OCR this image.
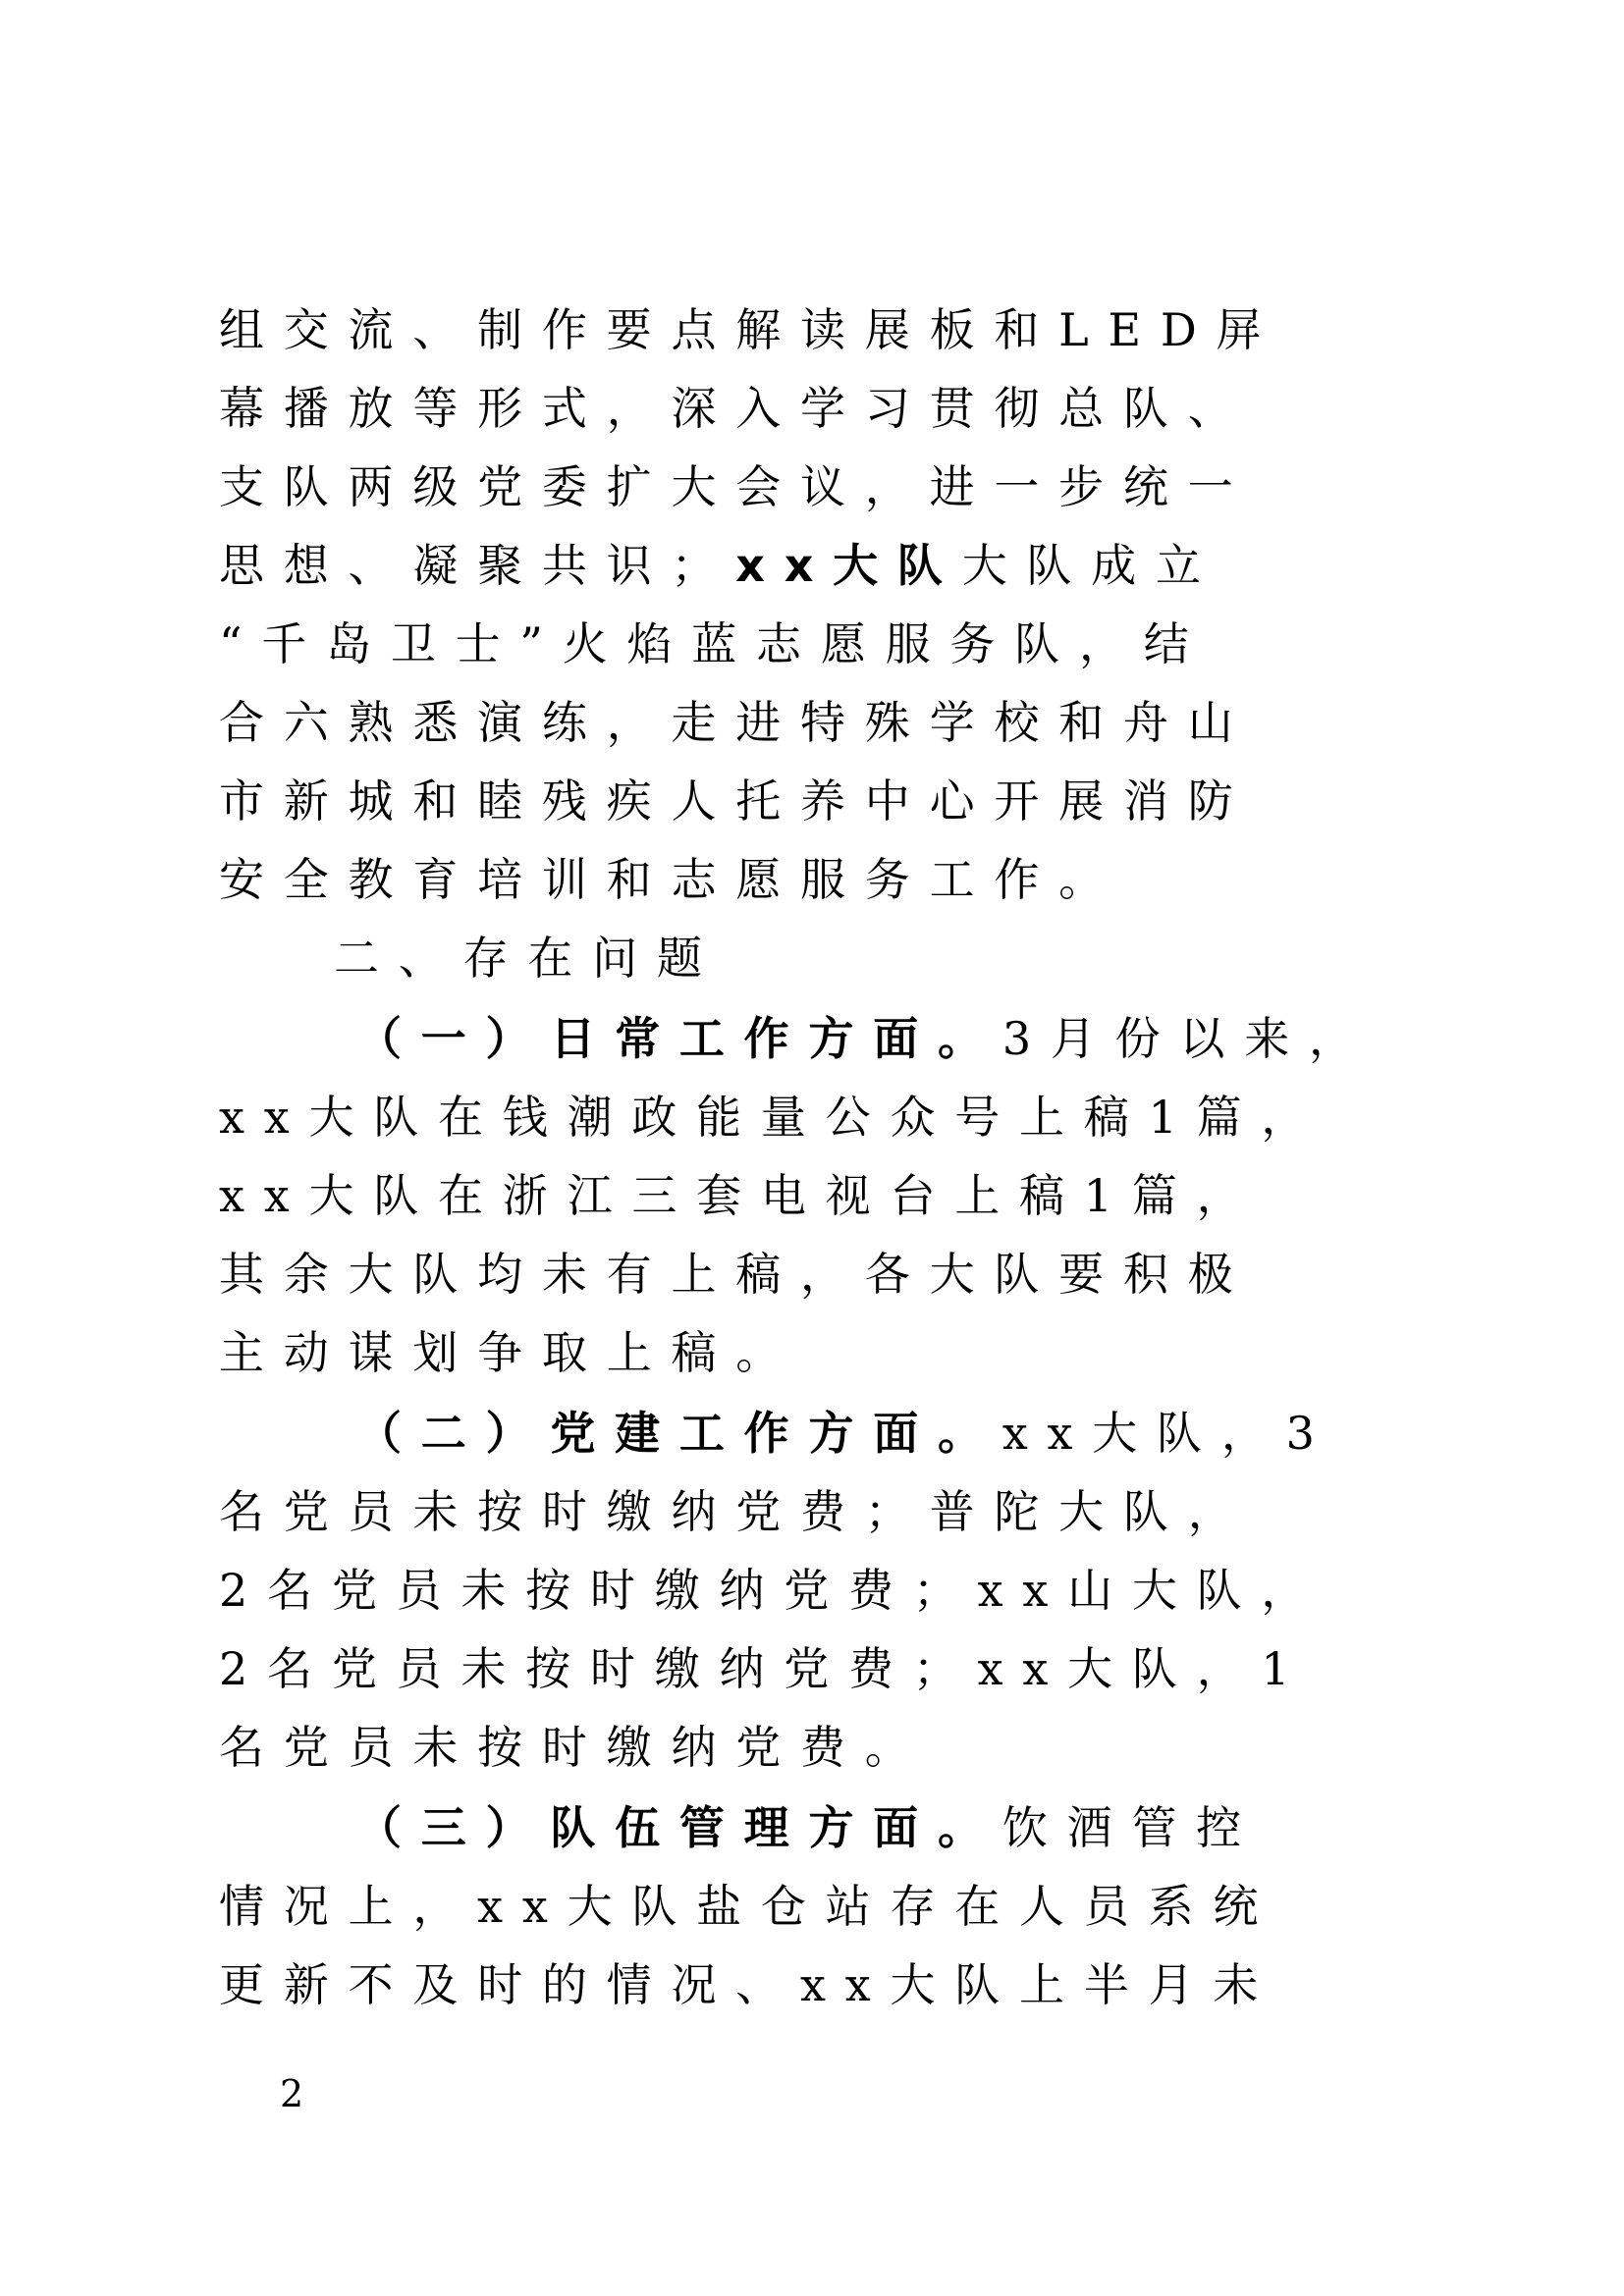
组交流、制作要点解读展板和LED屏
幕播放等形式，深入学习贯彻总队、
支队两级党委扩大会议，进一步统一
思想、凝聚共识；xx大队大队成立
“千岛卫士”火焰蓝志愿服务队，结
合六熟悉演练，走进特殊学校和舟山
市新城和睦残疾人托养中心开展消防
安全教育培训和志愿服务工作。
二、存在问题
（一）日常工作方面。3月份以来，
xx大队在钱潮政能量公众号上稿1篇，
xx大队在浙江三套电视台上稿1篇，
其余大队均未有上稿，各大队要积极
主动谋划争取上稿。
（二）党建工作方面。xx大队，3
名党员未按时缴纳党费；普陀大队，
2名党员未按时缴纳党费；xx山大队，
2名党员未按时缴纳党费；xx大队，1
名党员未按时缴纳党费。
（三）队伍管理方面。饮酒管控
情况上，xx大队盐仓站存在人员系统
更新不及时的情况、xx大队上半月未
2
